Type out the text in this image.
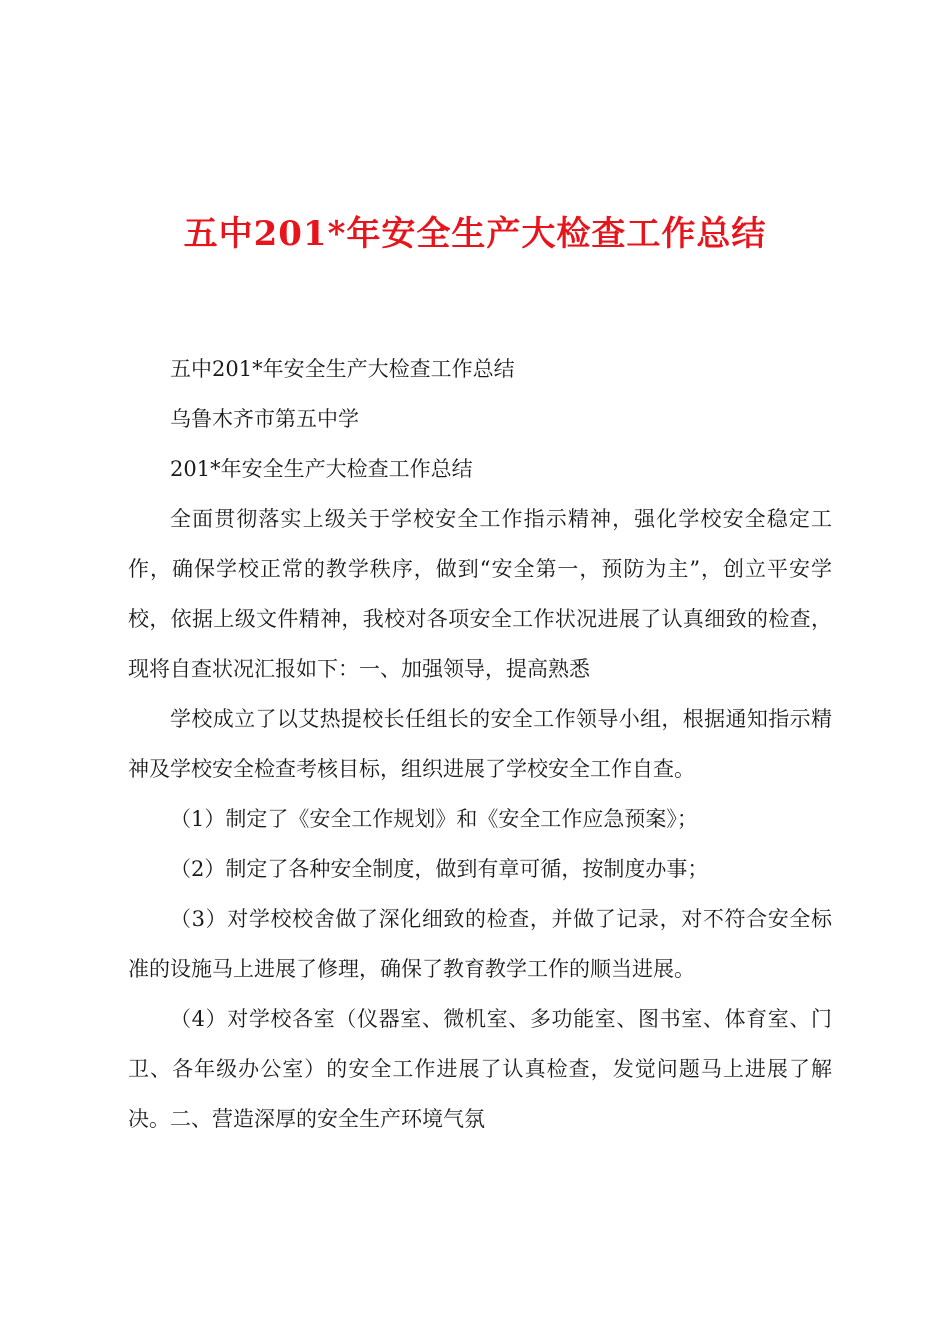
五中201*年安全生产大检查工作总结

五中201*年安全生产大检查工作总结

乌鲁木齐市第五中学

201*年安全生产大检查工作总结

全面贯彻落实上级关于学校安全工作指示精神，强化学校安全稳定工作，确保学校正常的教学秩序，做到“安全第一，预防为主”，创立平安学校，依据上级文件精神，我校对各项安全工作状况进展了认真细致的检查，现将自查状况汇报如下：一、加强领导，提高熟悉

学校成立了以艾热提校长任组长的安全工作领导小组，根据通知指示精神及学校安全检查考核目标，组织进展了学校安全工作自查。

（1）制定了《安全工作规划》和《安全工作应急预案》；

（2）制定了各种安全制度，做到有章可循，按制度办事；

（3）对学校校舍做了深化细致的检查，并做了记录，对不符合安全标准的设施马上进展了修理，确保了教育教学工作的顺当进展。

（4）对学校各室（仪器室、微机室、多功能室、图书室、体育室、门卫、各年级办公室）的安全工作进展了认真检查，发觉问题马上进展了解决。二、营造深厚的安全生产环境气氛
